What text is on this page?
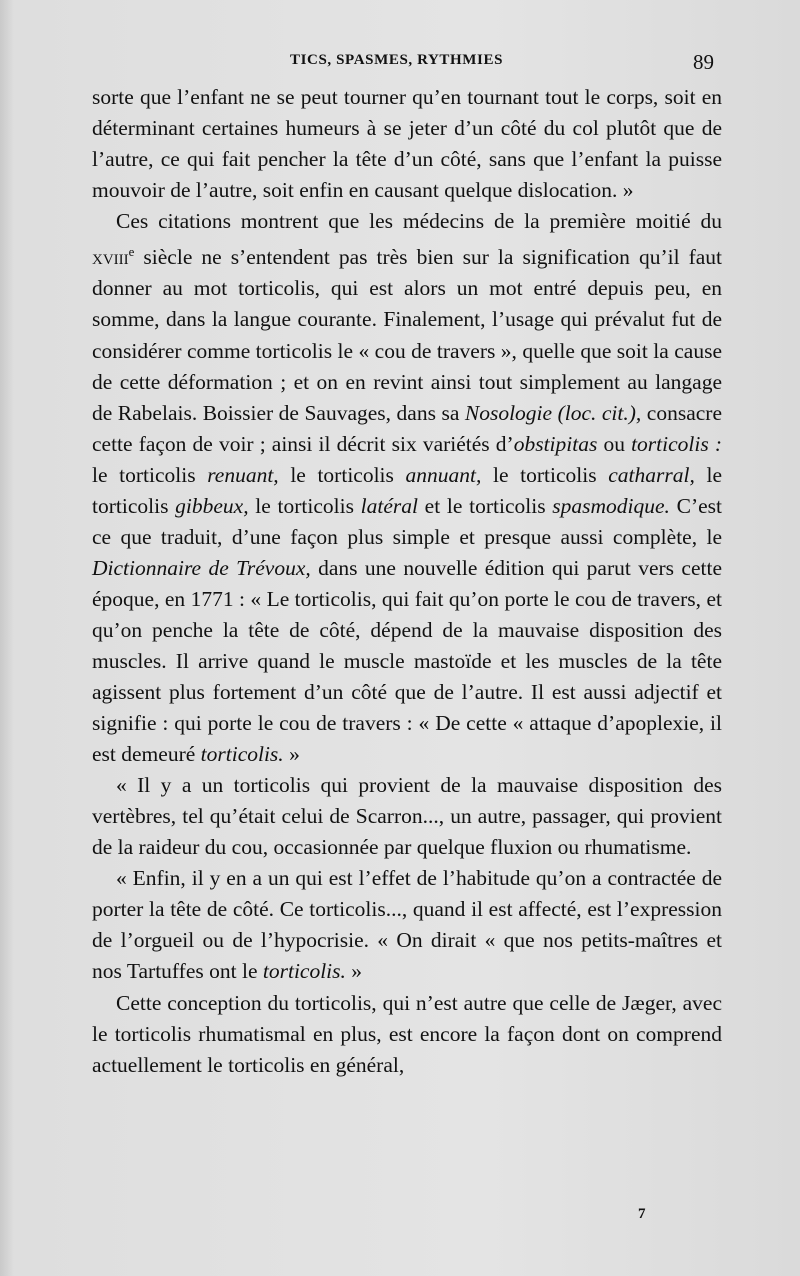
TICS, SPASMES, RYTHMIES	89

sorte que l’enfant ne se peut tourner qu’en tournant tout le corps, soit en déterminant certaines humeurs à se jeter d’un côté du col plutôt que de l’autre, ce qui fait pencher la tête d’un côté, sans que l’enfant la puisse mouvoir de l’autre, soit enfin en causant quelque dislocation. »

Ces citations montrent que les médecins de la première moitié du xviii$^e$ siècle ne s’entendent pas très bien sur la signification qu’il faut donner au mot torticolis, qui est alors un mot entré depuis peu, en somme, dans la langue courante. Finalement, l’usage qui prévalut fut de considérer comme torticolis le « cou de travers », quelle que soit la cause de cette déformation ; et on en revint ainsi tout simplement au langage de Rabelais. Boissier de Sauvages, dans sa Nosologie (loc. cit.), consacre cette façon de voir ; ainsi il décrit six variétés d’obstipitas ou torticolis : le torticolis renuant, le torticolis annuant, le torticolis catharral, le torticolis gibbeux, le torticolis latéral et le torticolis spasmodique. C’est ce que traduit, d’une façon plus simple et presque aussi complète, le Dictionnaire de Trévoux, dans une nouvelle édition qui parut vers cette époque, en 1771 : « Le torticolis, qui fait qu’on porte le cou de travers, et qu’on penche la tête de côté, dépend de la mauvaise disposition des muscles. Il arrive quand le muscle mastoïde et les muscles de la tête agissent plus fortement d’un côté que de l’autre. Il est aussi adjectif et signifie : qui porte le cou de travers : « De cette « attaque d’apoplexie, il est demeuré torticolis. »

« Il y a un torticolis qui provient de la mauvaise disposition des vertèbres, tel qu’était celui de Scarron..., un autre, passager, qui provient de la raideur du cou, occasionnée par quelque fluxion ou rhumatisme.

« Enfin, il y en a un qui est l’effet de l’habitude qu’on a contractée de porter la tête de côté. Ce torticolis..., quand il est affecté, est l’expression de l’orgueil ou de l’hypocrisie. « On dirait « que nos petits-maîtres et nos Tartuffes ont le torticolis. »

Cette conception du torticolis, qui n’est autre que celle de Jæger, avec le torticolis rhumatismal en plus, est encore la façon dont on comprend actuellement le torticolis en général,

7
